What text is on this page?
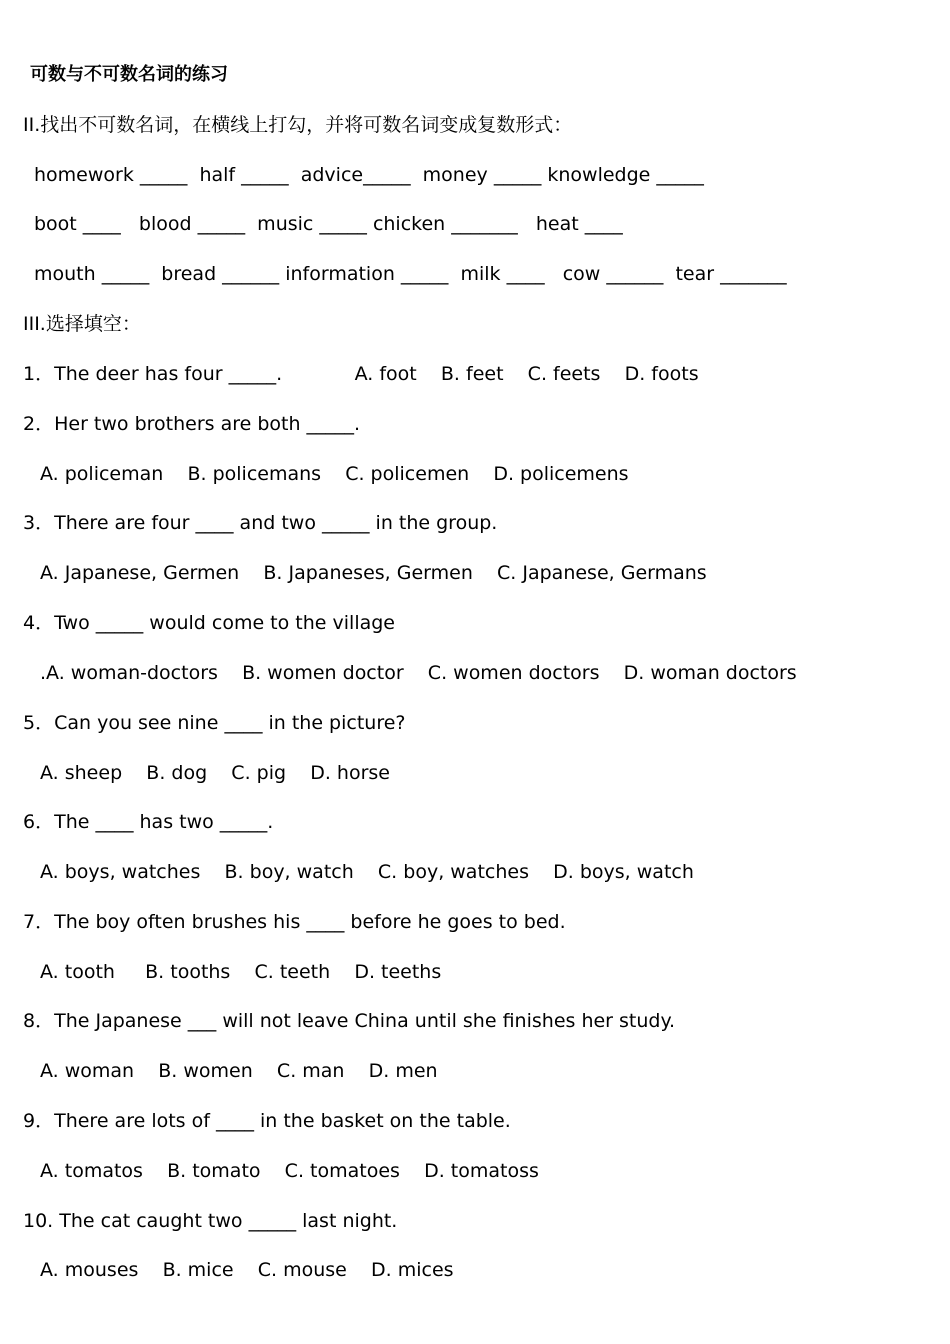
可数与不可数名词的练习
II.找出不可数名词，在横线上打勾，并将可数名词变成复数形式：
homework _____  half _____  advice_____  money _____ knowledge _____
boot ____   blood _____  music _____ chicken _______   heat ____
mouth _____  bread ______ information _____  milk ____   cow ______  tear _______
III.选择填空：
1．The deer has four _____.            A. foot    B. feet    C. feets    D. foots
2．Her two brothers are both _____.
A. policeman    B. policemans    C. policemen    D. policemens
3．There are four ____ and two _____ in the group.
A. Japanese, Germen    B. Japaneses, Germen    C. Japanese, Germans
4．Two _____ would come to the village
.A. woman-doctors    B. women doctor    C. women doctors    D. woman doctors
5．Can you see nine ____ in the picture?
A. sheep    B. dog    C. pig    D. horse
6．The ____ has two _____.
A. boys, watches    B. boy, watch    C. boy, watches    D. boys, watch
7．The boy often brushes his ____ before he goes to bed.
A. tooth     B. tooths    C. teeth    D. teeths
8．The Japanese ___ will not leave China until she finishes her study.
A. woman    B. women    C. man    D. men
9．There are lots of ____ in the basket on the table.
A. tomatos    B. tomato    C. tomatoes    D. tomatoss
10. The cat caught two _____ last night.
A. mouses    B. mice    C. mouse    D. mices
